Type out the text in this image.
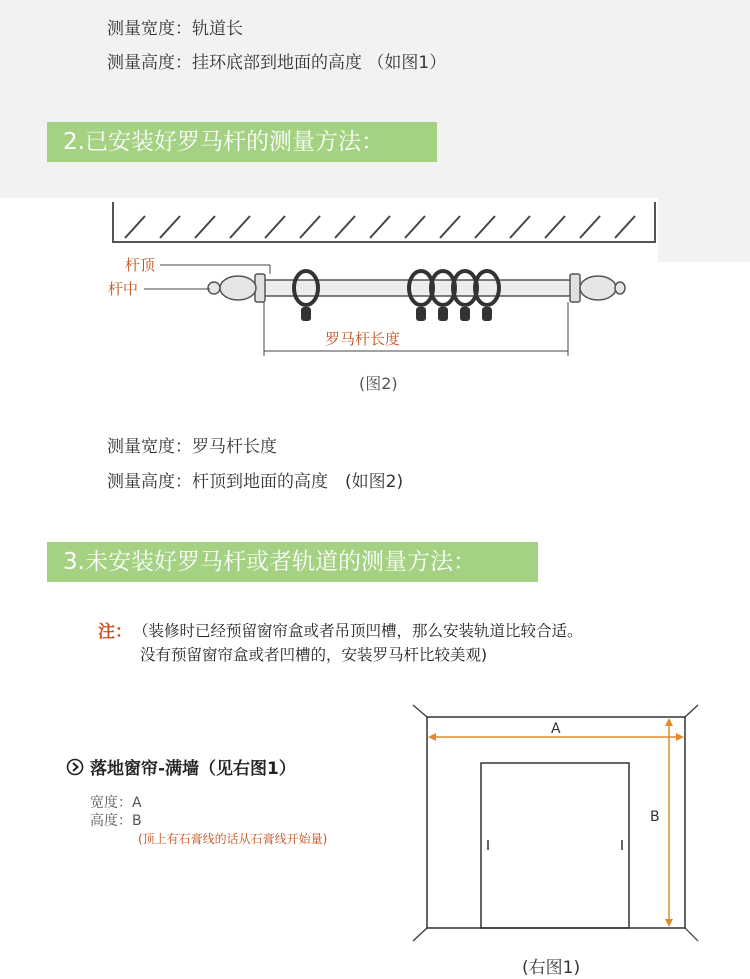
测量宽度：轨道长
测量高度：挂环底部到地面的高度 （如图1）
2.已安装好罗马杆的测量方法：
杆顶
杆中
罗马杆长度
(图2)
测量宽度：罗马杆长度
测量高度：杆顶到地面的高度　(如图2)
3.未安装好罗马杆或者轨道的测量方法：
注： （装修时已经预留窗帘盒或者吊顶凹槽，那么安装轨道比较合适。
没有预留窗帘盒或者凹槽的，安装罗马杆比较美观)
落地窗帘-满墙（见右图1）
宽度：A
高度：B
(顶上有石膏线的话从石膏线开始量)
A
B
(右图1)
